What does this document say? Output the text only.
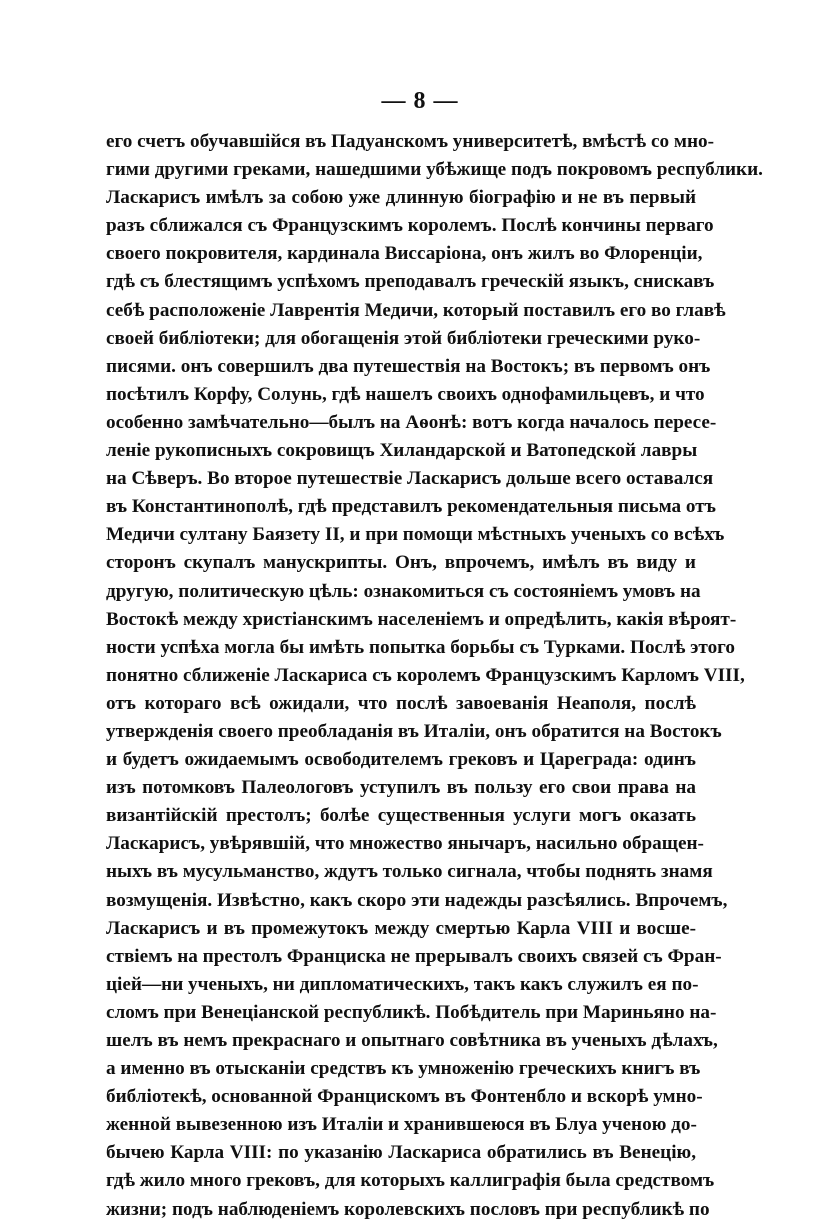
— 8 —
его счетъ обучавшійся въ Падуанскомъ университетѣ, вмѣстѣ со мно-
гими другими греками, нашедшими убѣжище подъ покровомъ республики.
Ласкарисъ имѣлъ за собою уже длинную біографію и не въ первый
разъ сближался съ Французскимъ королемъ. Послѣ кончины перваго
своего покровителя, кардинала Виссаріона, онъ жилъ во Флоренціи,
гдѣ съ блестящимъ успѣхомъ преподавалъ греческій языкъ, снискавъ
себѣ расположеніе Лаврентія Медичи, который поставилъ его во главѣ
своей библіотеки; для обогащенія этой библіотеки греческими руко-
писями. онъ совершилъ два путешествія на Востокъ; въ первомъ онъ
посѣтилъ Корфу, Солунь, гдѣ нашелъ своихъ однофамильцевъ, и что
особенно замѣчательно—былъ на Аѳонѣ: вотъ когда началось пересе-
леніе рукописныхъ сокровищъ Хиландарской и Ватопедской лавры
на Сѣверъ. Во второе путешествіе Ласкарисъ дольше всего оставался
въ Константинополѣ, гдѣ представилъ рекомендательныя письма отъ
Медичи султану Баязету II, и при помощи мѣстныхъ ученыхъ со всѣхъ
сторонъ скупалъ манускрипты. Онъ, впрочемъ, имѣлъ въ виду и
другую, политическую цѣль: ознакомиться съ состояніемъ умовъ на
Востокѣ между христіанскимъ населеніемъ и опредѣлить, какія вѣроят-
ности успѣха могла бы имѣть попытка борьбы съ Турками. Послѣ этого
понятно сближеніе Ласкариса съ королемъ Французскимъ Карломъ VIII,
отъ котораго всѣ ожидали, что послѣ завоеванія Неаполя, послѣ
утвержденія своего преобладанія въ Италіи, онъ обратится на Востокъ
и будетъ ожидаемымъ освободителемъ грековъ и Цареграда: одинъ
изъ потомковъ Палеологовъ уступилъ въ пользу его свои права на
византійскій престолъ; болѣе существенныя услуги могъ оказать
Ласкарисъ, увѣрявшій, что множество янычаръ, насильно обращен-
ныхъ въ мусульманство, ждутъ только сигнала, чтобы поднять знамя
возмущенія. Извѣстно, какъ скоро эти надежды разсѣялись. Впрочемъ,
Ласкарисъ и въ промежутокъ между смертью Карла VIII и восше-
ствіемъ на престолъ Франциска не прерывалъ своихъ связей съ Фран-
ціей—ни ученыхъ, ни дипломатическихъ, такъ какъ служилъ ея по-
сломъ при Венеціанской республикѣ. Побѣдитель при Мариньяно на-
шелъ въ немъ прекраснаго и опытнаго совѣтника въ ученыхъ дѣлахъ,
а именно въ отысканіи средствъ къ умноженію греческихъ книгъ въ
библіотекѣ, основанной Францискомъ въ Фонтенбло и вскорѣ умно-
женной вывезенною изъ Италіи и хранившеюся въ Блуа ученою до-
бычею Карла VIII: по указанію Ласкариса обратились въ Венецію,
гдѣ жило много грековъ, для которыхъ каллиграфія была средствомъ
жизни; подъ наблюденіемъ королевскихъ пословъ при республикѣ по
